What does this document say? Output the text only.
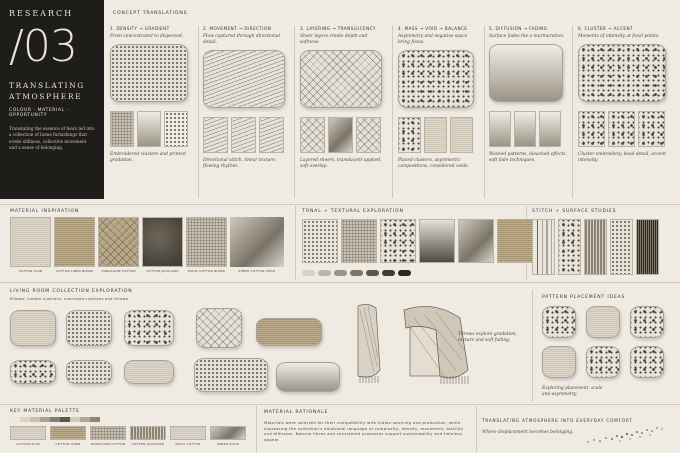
RESEARCH
/03
TRANSLATING
ATMOSPHERE
COLOUR · MATERIAL · OPPORTUNITY
Translating the essence of fears led into a collection of home furnishings that evoke stillness, collective movement and a sense of belonging.
CONCEPT TRANSLATIONS
1. DENSITY → GRADIENT
From concentrated to dispersed.
Embroidered clusters and printed gradation.
2. MOVEMENT → DIRECTION
Flow captured through directional detail.
Directional stitch, linear texture, flowing rhythm.
3. LAYERING → TRANSLUCENCY
Sheer layers create depth and softness.
Layered sheers, translucent applied, soft overlap.
4. MASS → VOID → BALANCE
Asymmetry and negative space bring focus.
Placed clusters, asymmetric compositions, considered voids.
5. DIFFUSION → FADING
Surface fades the a murmuration.
Washed patterns, bleached effects, soft fade techniques.
6. CLUSTER → ACCENT
Moments of intensity at focal points.
Cluster embroidery, bead detail, accent intensity.
MATERIAL INSPIRATION
COTTON SLUB	COTTON LINEN BLEND	HANDLOOM COTTON	COTTON JACQUARD	WOOL COTTON BLEND	SHEER COTTON VOILE
TONAL + TEXTURAL EXPLORATION	STITCH + SURFACE STUDIES
LIVING ROOM COLLECTION EXPLORATION
Pillows, lumbar cushions, oversized cushions and throws.
Throws explore gradation, texture and soft fading.
PATTERN PLACEMENT IDEAS
Exploring placement, scale and asymmetry.
KEY MATERIAL PALETTE
COTTON SLUB	COTTON LINEN	HANDLOOM COTTON	COTTON JACQUARD	WOOL COTTON	SHEER VOILE
MATERIAL RATIONALE
Materials were selected for their compatibility with Indian sourcing and production, while expressing the collection's emotional language of complexity, density, movement, tactility and diffusion. Natural fibres and considered processes support sustainability and timeless appeal.
TRANSLATING ATMOSPHERE INTO EVERYDAY COMFORT
Where displacement becomes belonging.
